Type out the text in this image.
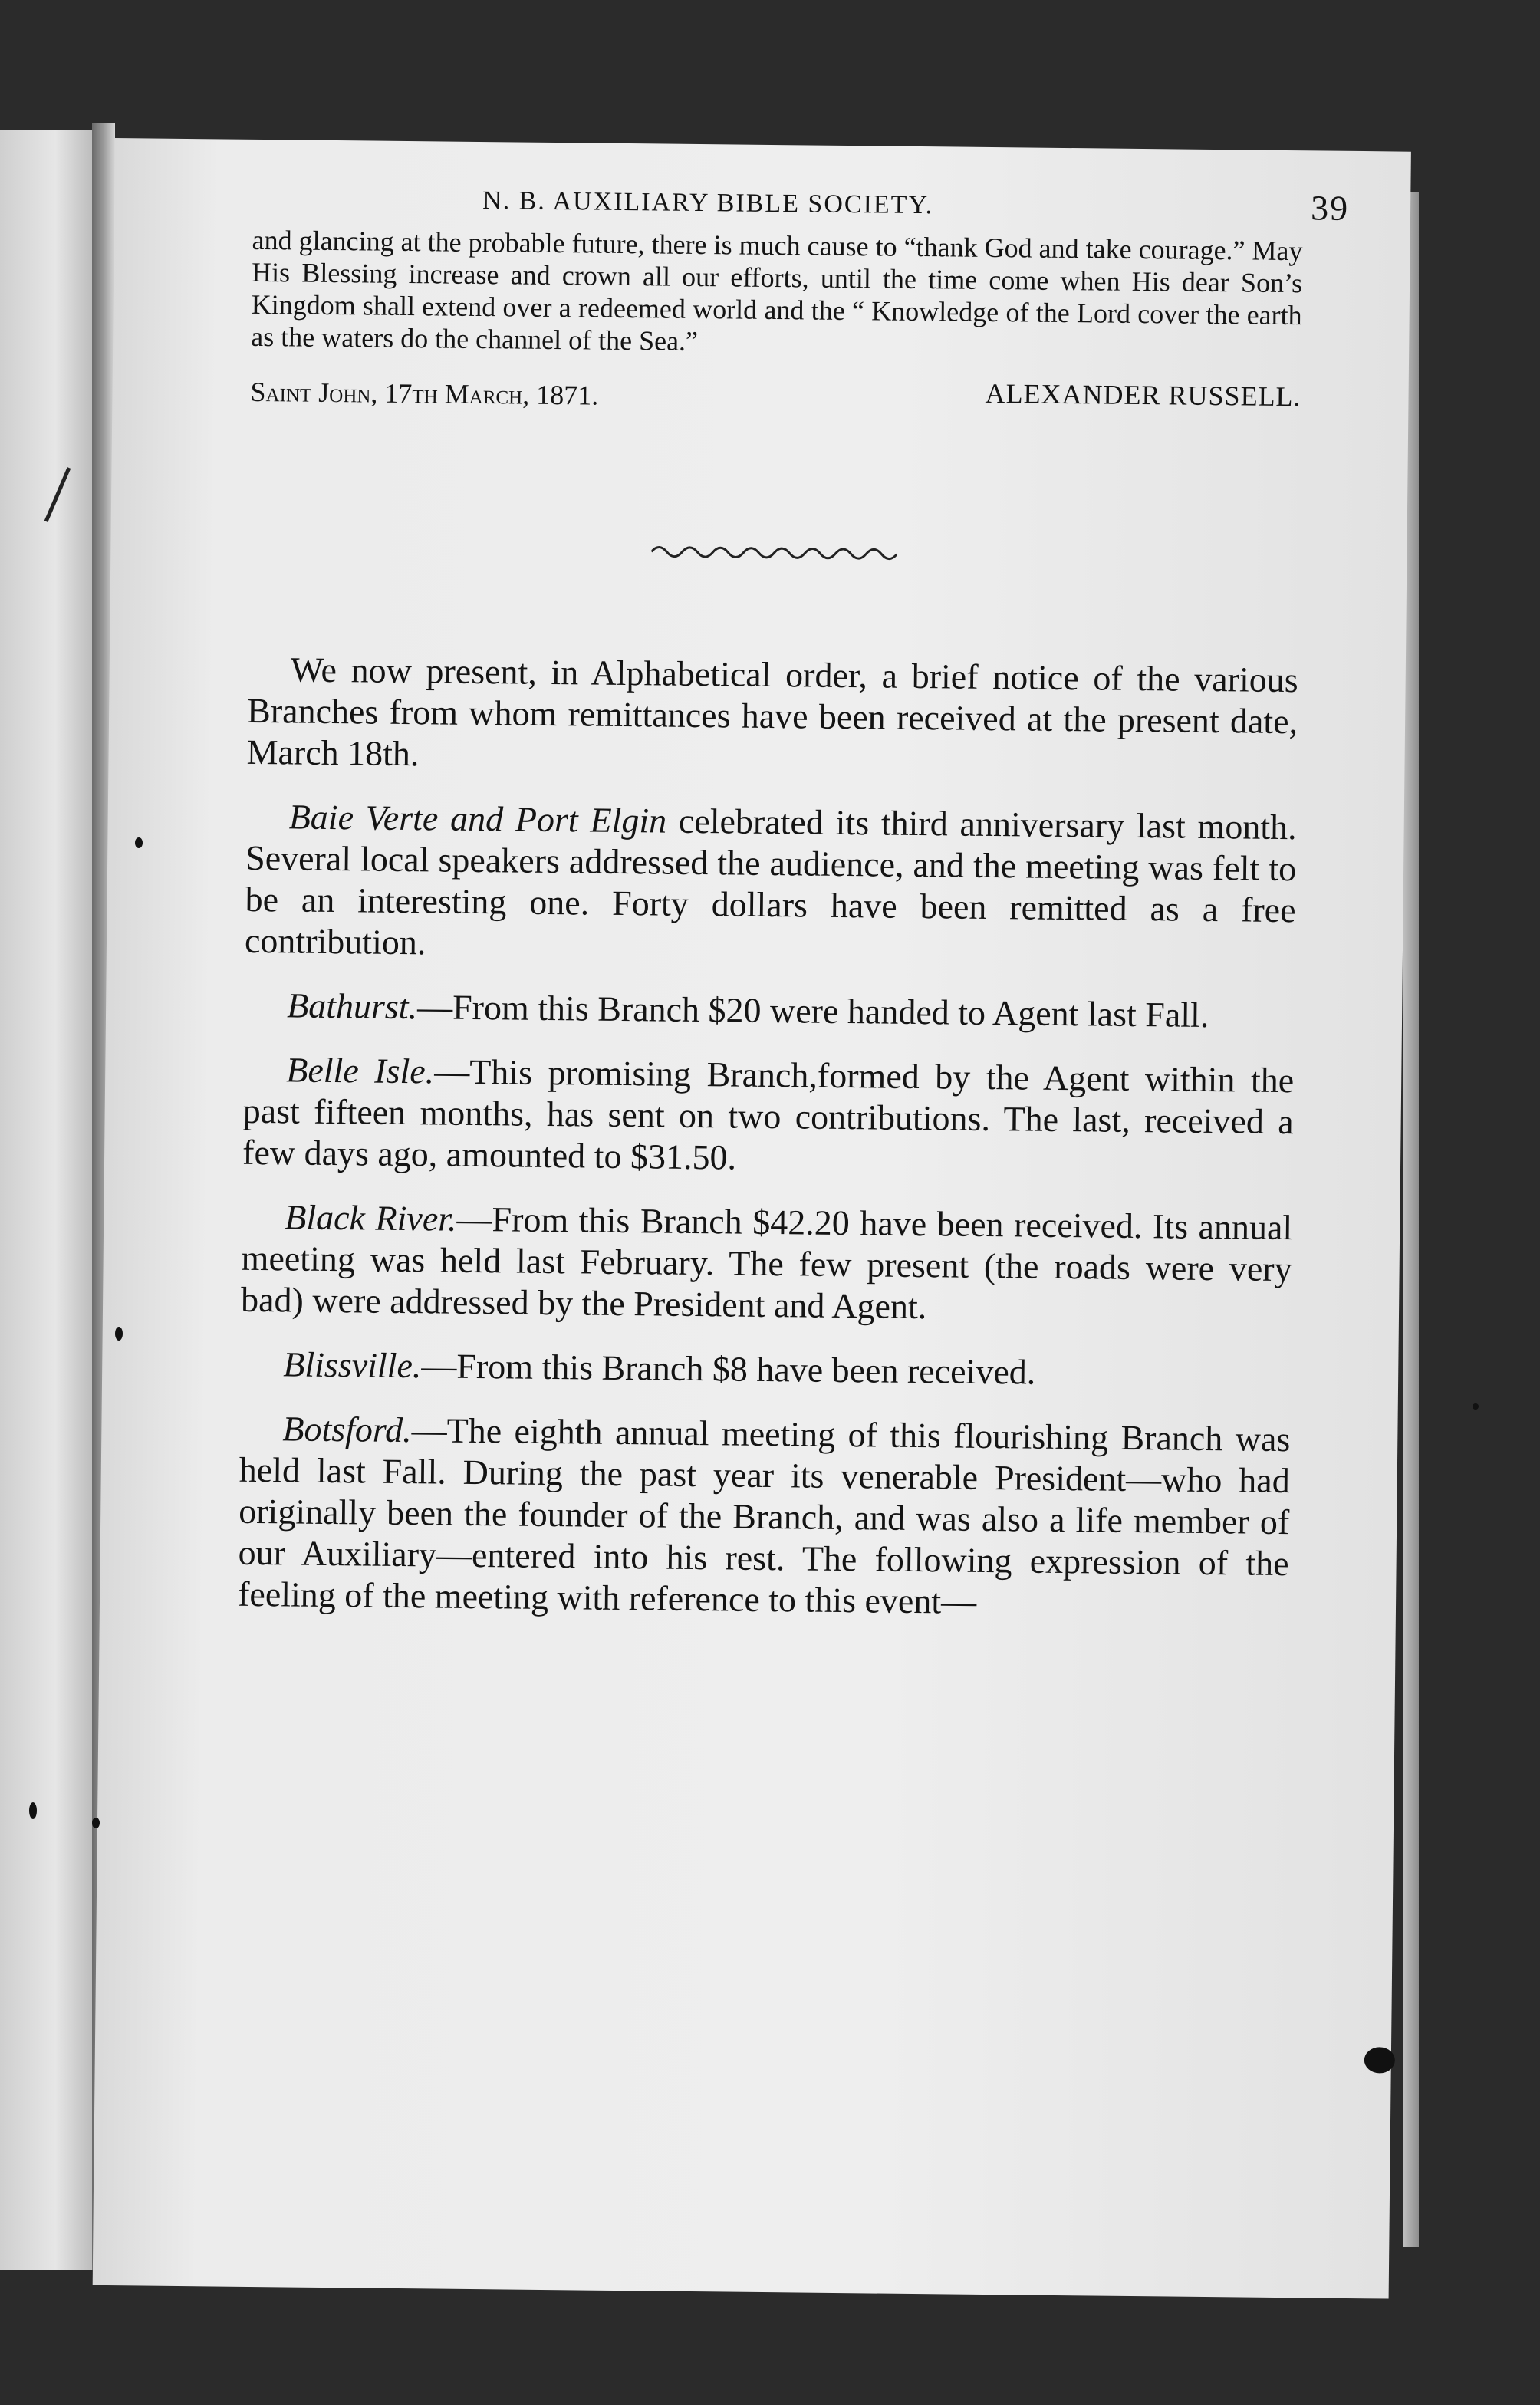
N. B. AUXILIARY BIBLE SOCIETY.	39

and glancing at the probable future, there is much cause to “thank God and take courage.” May His Blessing increase and crown all our efforts, until the time come when His dear Son’s Kingdom shall extend over a redeemed world and the “ Knowledge of the Lord cover the earth as the waters do the channel of the Sea.”

Saint John, 17th March, 1871.	ALEXANDER RUSSELL.

We now present, in Alphabetical order, a brief notice of the various Branches from whom remittances have been received at the present date, March 18th.

Baie Verte and Port Elgin celebrated its third anniversary last month. Several local speakers addressed the audience, and the meeting was felt to be an interesting one. Forty dollars have been remitted as a free contribution.

Bathurst.—From this Branch $20 were handed to Agent last Fall.

Belle Isle.—This promising Branch,formed by the Agent within the past fifteen months, has sent on two contributions. The last, received a few days ago, amounted to $31.50.

Black River.—From this Branch $42.20 have been received. Its annual meeting was held last February. The few present (the roads were very bad) were addressed by the President and Agent.

Blissville.—From this Branch $8 have been received.

Botsford.—The eighth annual meeting of this flourishing Branch was held last Fall. During the past year its venerable President—who had originally been the founder of the Branch, and was also a life member of our Auxiliary—entered into his rest. The following expression of the feeling of the meeting with reference to this event—
